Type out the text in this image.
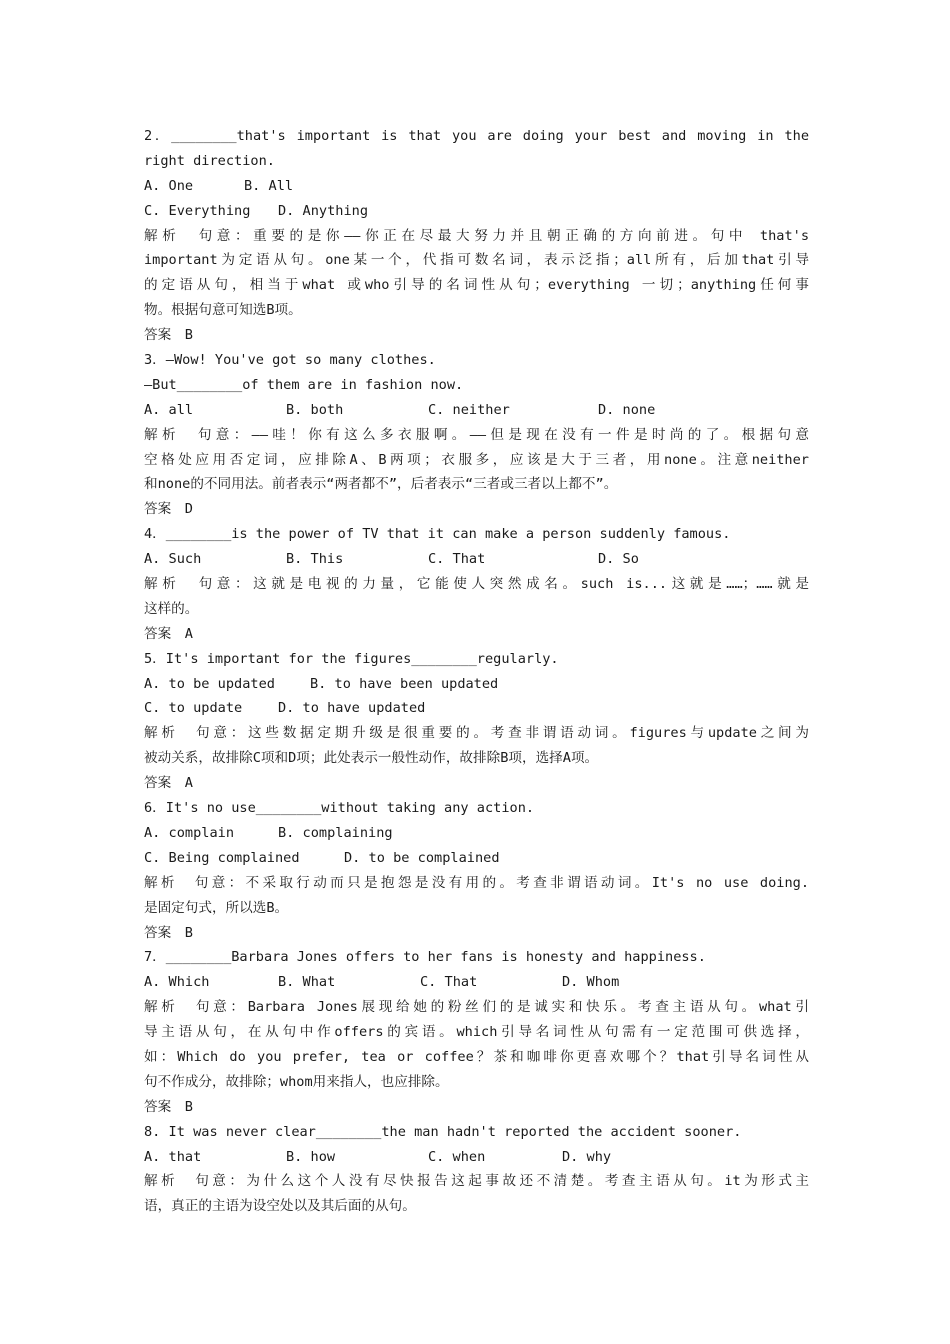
2．________that's important is that you are doing your best and moving in the
right direction.
A. One	B. All
C. Everything D. Anything
解析　句意：重要的是你——你正在尽最大努力并且朝正确的方向前进。句中 that's
important为定语从句。one某一个，代指可数名词，表示泛指；all所有，后加that引导
的定语从句，相当于what 或who引导的名词性从句；everything 一切；anything任何事
物。根据句意可知选B项。
答案　B
3．—Wow! You've got so many clothes.
—But________of them are in fashion now.
A. all	B. both	C. neither	D. none
解析　句意：——哇！你有这么多衣服啊。——但是现在没有一件是时尚的了。根据句意
空格处应用否定词，应排除A、B两项；衣服多，应该是大于三者，用none。注意neither
和none的不同用法。前者表示“两者都不”，后者表示“三者或三者以上都不”。
答案　D
4．________is the power of TV that it can make a person suddenly famous.
A. Such	B. This	C. That	D. So
解析　句意：这就是电视的力量，它能使人突然成名。such is...这就是……；……就是
这样的。
答案　A
5．It's important for the figures________regularly.
A. to be updated	B. to have been updated
C. to update	D. to have updated
解析　句意：这些数据定期升级是很重要的。考查非谓语动词。figures与update之间为
被动关系，故排除C项和D项；此处表示一般性动作，故排除B项，选择A项。
答案　A
6．It's no use________without taking any action.
A. complain	B. complaining
C. Being complained	D. to be complained
解析　句意：不采取行动而只是抱怨是没有用的。考查非谓语动词。It's no use doing.
是固定句式，所以选B。
答案　B
7．________Barbara Jones offers to her fans is honesty and happiness.
A. Which	B. What	C. That	D. Whom
解析　句意：Barbara Jones展现给她的粉丝们的是诚实和快乐。考查主语从句。what引
导主语从句，在从句中作offers的宾语。which引导名词性从句需有一定范围可供选择，
如：Which do you prefer, tea or coffee？茶和咖啡你更喜欢哪个？that引导名词性从
句不作成分，故排除；whom用来指人，也应排除。
答案　B
8. It was never clear________the man hadn't reported the accident sooner.
A. that	B. how	C. when	D. why
解析　句意：为什么这个人没有尽快报告这起事故还不清楚。考查主语从句。it为形式主
语，真正的主语为设空处以及其后面的从句。
